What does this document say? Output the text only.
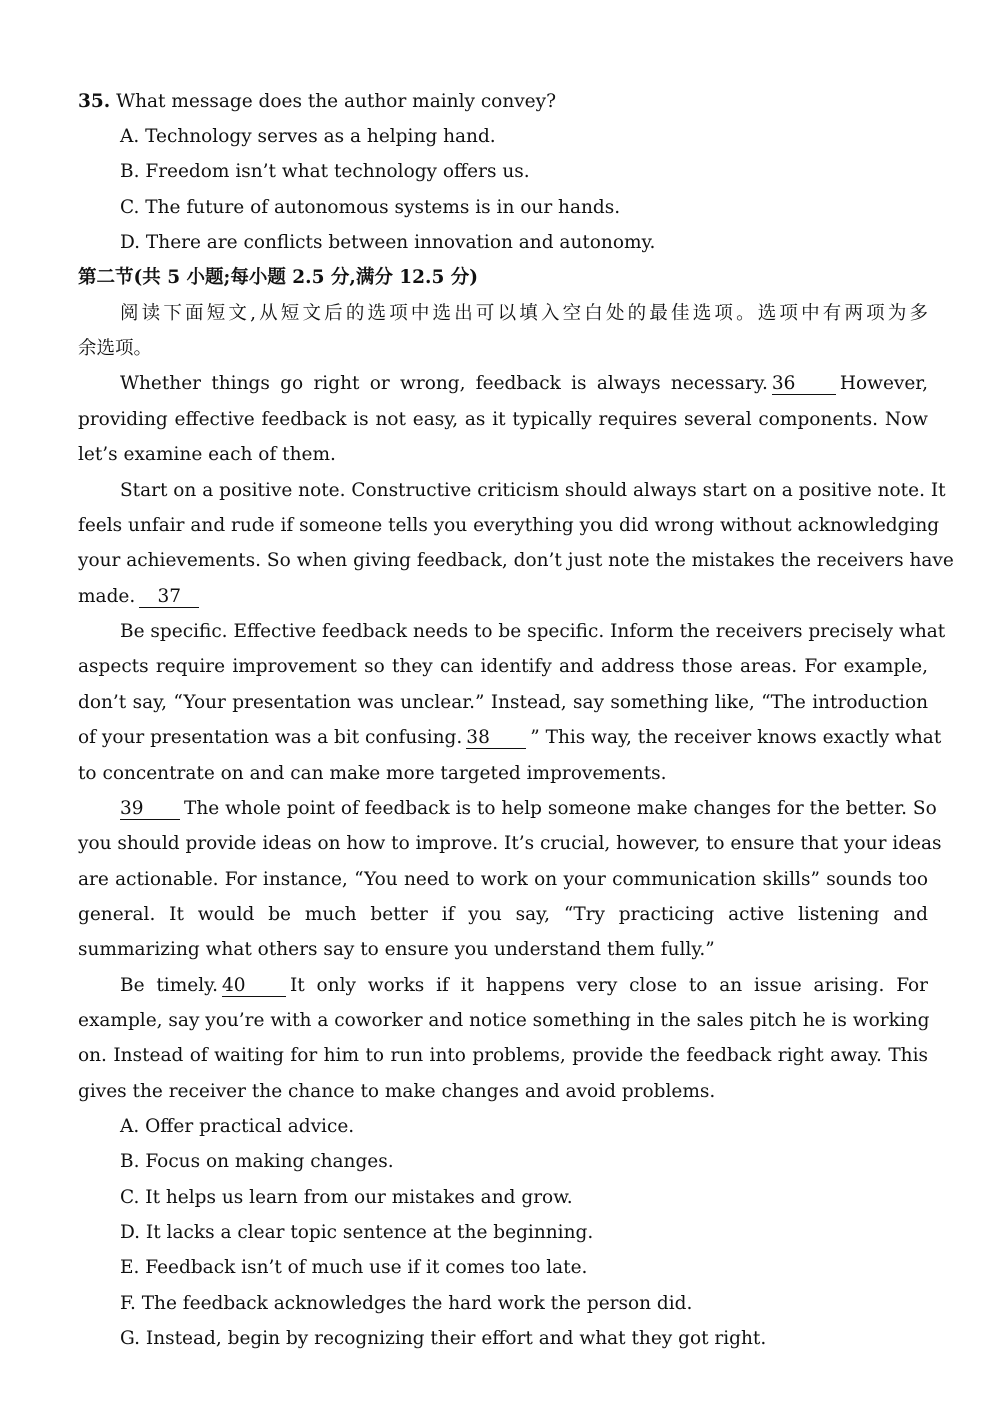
35. What message does the author mainly convey?
A. Technology serves as a helping hand.
B. Freedom isn’t what technology offers us.
C. The future of autonomous systems is in our hands.
D. There are conflicts between innovation and autonomy.
第二节(共 5 小题;每小题 2.5 分,满分 12.5 分)
阅读下面短文,从短文后的选项中选出可以填入空白处的最佳选项。选项中有两项为多
余选项。
Whether things go right or wrong, feedback is always necessary. 36 However,
providing effective feedback is not easy, as it typically requires several components. Now
let’s examine each of them.
Start on a positive note. Constructive criticism should always start on a positive note. It
feels unfair and rude if someone tells you everything you did wrong without acknowledging
your achievements. So when giving feedback, don’t just note the mistakes the receivers have
made. 37
Be specific. Effective feedback needs to be specific. Inform the receivers precisely what
aspects require improvement so they can identify and address those areas. For example,
don’t say, “Your presentation was unclear.” Instead, say something like, “The introduction
of your presentation was a bit confusing. 38 ” This way, the receiver knows exactly what
to concentrate on and can make more targeted improvements.
39 The whole point of feedback is to help someone make changes for the better. So
you should provide ideas on how to improve. It’s crucial, however, to ensure that your ideas
are actionable. For instance, “You need to work on your communication skills” sounds too
general. It would be much better if you say, “Try practicing active listening and
summarizing what others say to ensure you understand them fully.”
Be timely. 40 It only works if it happens very close to an issue arising. For
example, say you’re with a coworker and notice something in the sales pitch he is working
on. Instead of waiting for him to run into problems, provide the feedback right away. This
gives the receiver the chance to make changes and avoid problems.
A. Offer practical advice.
B. Focus on making changes.
C. It helps us learn from our mistakes and grow.
D. It lacks a clear topic sentence at the beginning.
E. Feedback isn’t of much use if it comes too late.
F. The feedback acknowledges the hard work the person did.
G. Instead, begin by recognizing their effort and what they got right.
